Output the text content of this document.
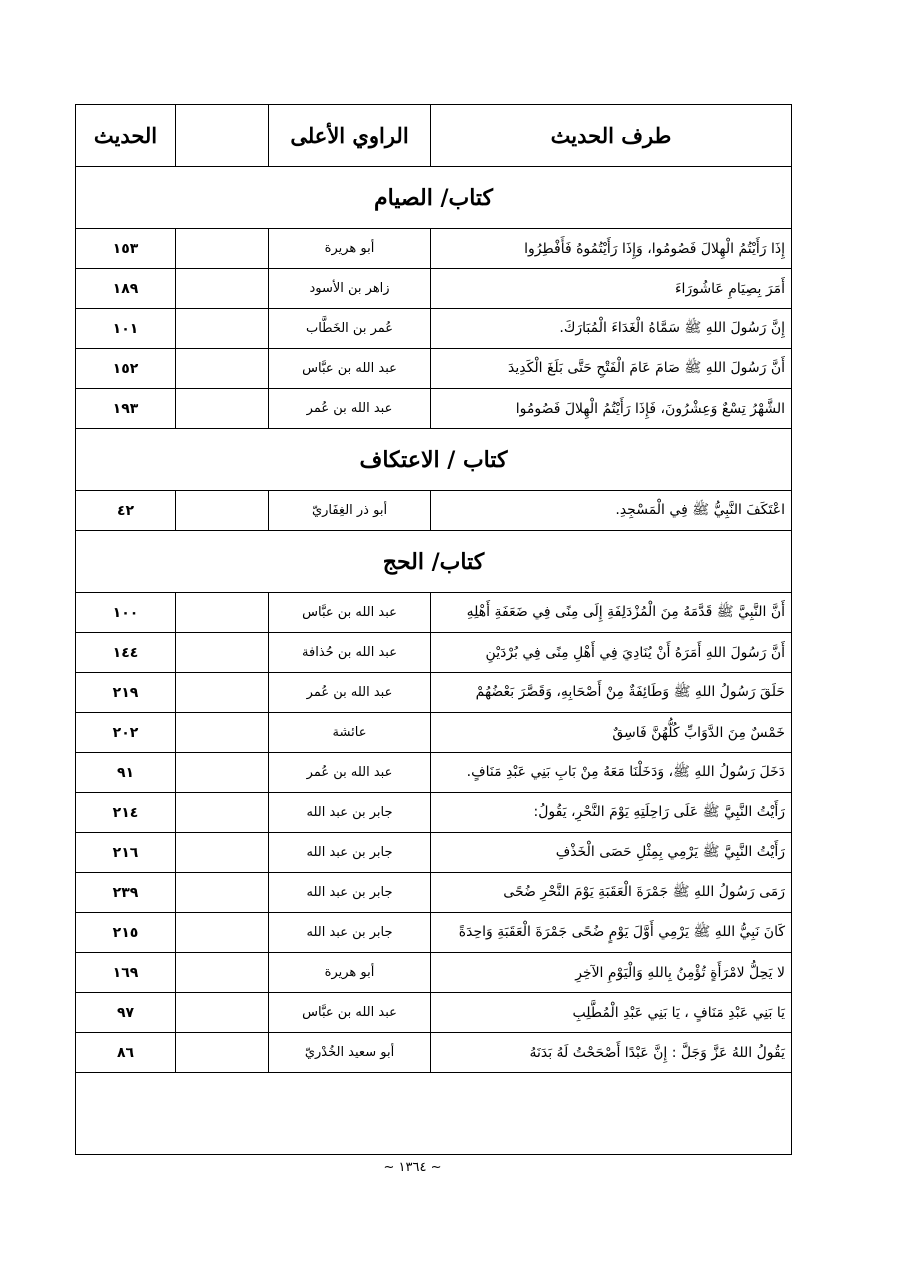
طرف الحديث	الراوي الأعلى		الحديث
كتاب/ الصيام			
إِذَا رَأَيْتُمُ الْهِلالَ فَصُومُوا، وَإِذَا رَأَيْتُمُوهُ فَأَفْطِرُوا	أبو هريرة		١٥٣
أَمَرَ بِصِيَامِ عَاشُورَاءَ	زاهر بن الأسود		١٨٩
إِنَّ رَسُولَ اللهِ ﷺ سَمَّاهُ الْغَدَاءَ الْمُبَارَكَ.	عُمر بن الخَطَّاب		١٠١
أَنَّ رَسُولَ اللهِ ﷺ صَامَ عَامَ الْفَتْحِ حَتَّى بَلَغَ الْكَدِيدَ	عبد الله بن عبَّاس		١٥٢
الشَّهْرُ تِسْعٌ وَعِشْرُونَ، فَإِذَا رَأَيْتُمُ الْهِلالَ فَصُومُوا	عبد الله بن عُمر		١٩٣
كتاب / الاعتكاف			
اعْتَكَفَ النَّبِيُّ ﷺ فِي الْمَسْجِدِ.	أبو ذر الغِفَاريّ		٤٢
كتاب/ الحج			
أَنَّ النَّبِيَّ ﷺ قَدَّمَهُ مِنَ الْمُزْدَلِفَةِ إِلَى مِنًى فِي ضَعَفَةِ أَهْلِهِ	عبد الله بن عبَّاس		١٠٠
أَنَّ رَسُولَ اللهِ أَمَرَهُ أَنْ يُنَادِيَ فِي أَهْلِ مِنًى فِي بُرْدَيْنِ	عبد الله بن حُذافة		١٤٤
حَلَقَ رَسُولُ اللهِ ﷺ وَطَائِفَةٌ مِنْ أَصْحَابِهِ، وَقَصَّرَ بَعْضُهُمْ	عبد الله بن عُمر		٢١٩
خَمْسٌ مِنَ الدَّوَابِّ كُلُّهُنَّ فَاسِقٌ	عائشة		٢٠٢
دَخَلَ رَسُولُ اللهِ ﷺ، وَدَخَلْنَا مَعَهُ مِنْ بَابِ بَنِي عَبْدِ مَنَافٍ.	عبد الله بن عُمر		٩١
رَأَيْتُ النَّبِيَّ ﷺ عَلَى رَاحِلَتِهِ يَوْمَ النَّحْرِ، يَقُولُ:	جابر بن عبد الله		٢١٤
رَأَيْتُ النَّبِيَّ ﷺ يَرْمِي بِمِثْلِ حَصَى الْخَذْفِ	جابر بن عبد الله		٢١٦
رَمَى رَسُولُ اللهِ ﷺ جَمْرَةَ الْعَقَبَةِ يَوْمَ النَّحْرِ ضُحًى	جابر بن عبد الله		٢٣٩
كَانَ نَبِيُّ اللهِ ﷺ يَرْمِي أَوَّلَ يَوْمٍ ضُحًى جَمْرَةَ الْعَقَبَةِ وَاحِدَةً	جابر بن عبد الله		٢١٥
لا يَحِلُّ لامْرَأَةٍ تُؤْمِنُ بِاللهِ وَالْيَوْمِ الآخِرِ	أبو هريرة		١٦٩
يَا بَنِي عَبْدِ مَنَافٍ ، يَا بَنِي عَبْدِ الْمُطَّلِبِ	عبد الله بن عبَّاس		٩٧
يَقُولُ اللهُ عَزَّ وَجَلَّ : إِنَّ عَبْدًا أَصْحَحْتُ لَهُ بَدَنَهُ	أبو سعيد الخُدْريّ		٨٦

~ ١٣٦٤ ~
